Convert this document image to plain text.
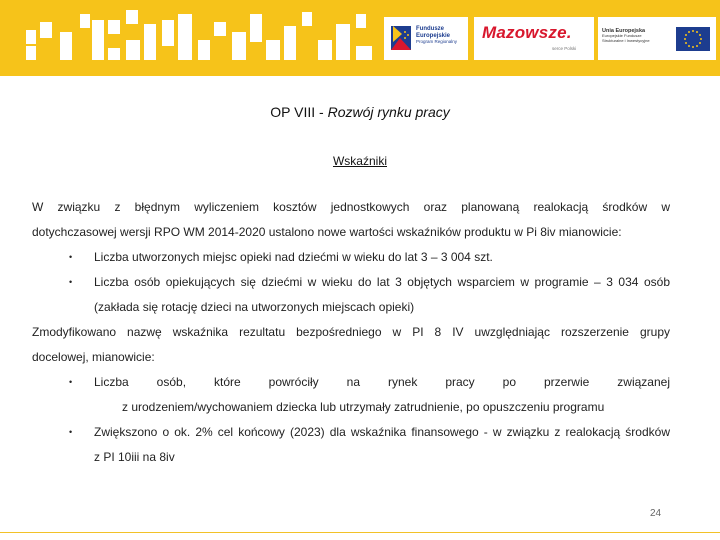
Fundusze
Europejskie
Program Regionalny Mazowsze.
serce Polski
Unia Europejska
Europejskie Fundusze
Strukturalne i Inwestycyjne
OP VIII - Rozwój rynku pracy
Wskaźniki
W związku z błędnym wyliczeniem kosztów jednostkowych oraz planowaną realokacją środków w
dotychczasowej wersji RPO WM 2014-2020 ustalono nowe wartości wskaźników produktu w Pi 8iv mianowicie:
• Liczba utworzonych miejsc opieki nad dziećmi w wieku do lat 3 – 3 004 szt.
• Liczba osób opiekujących się dziećmi w wieku do lat 3 objętych wsparciem w programie – 3 034 osób
(zakłada się rotację dzieci na utworzonych miejscach opieki)
Zmodyfikowano nazwę wskaźnika rezultatu bezpośredniego w PI 8 IV uwzględniając rozszerzenie grupy
docelowej, mianowicie:
• Liczba osób, które powróciły na rynek pracy po przerwie związanej
z urodzeniem/wychowaniem dziecka lub utrzymały zatrudnienie, po opuszczeniu programu
• Zwiększono o ok. 2% cel końcowy (2023) dla wskaźnika finansowego - w związku z realokacją środków
z PI 10iii na 8iv
24
